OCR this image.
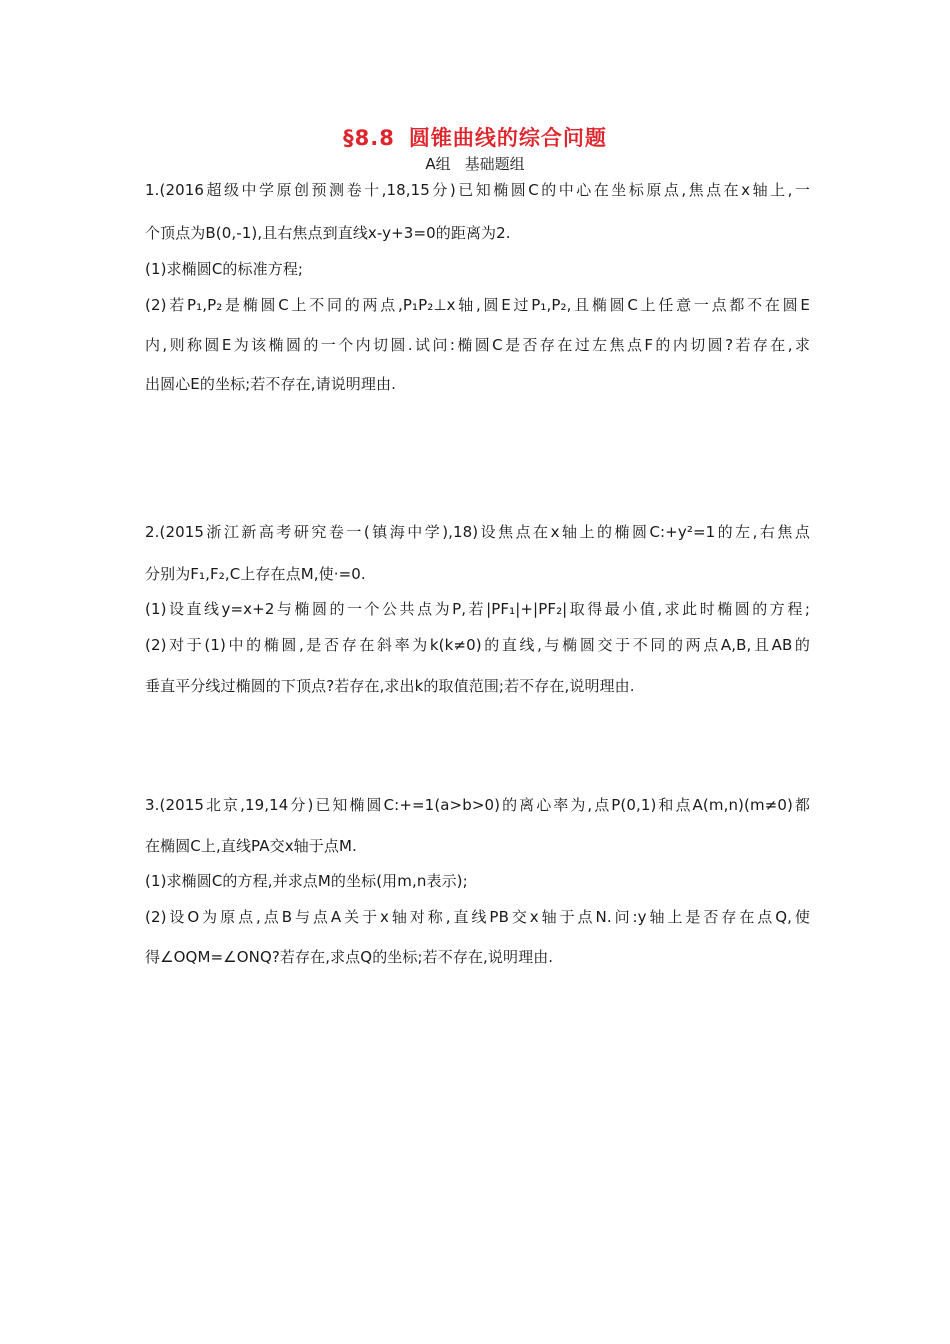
§8.8 圆锥曲线的综合问题
A组 基础题组
1.(2016超级中学原创预测卷十,18,15分)已知椭圆C的中心在坐标原点,焦点在x轴上,一
个顶点为B(0,-1),且右焦点到直线x-y+3=0的距离为2.
(1)求椭圆C的标准方程;
(2)若P₁,P₂是椭圆C上不同的两点,P₁P₂⊥x轴,圆E过P₁,P₂,且椭圆C上任意一点都不在圆E
内,则称圆E为该椭圆的一个内切圆.试问:椭圆C是否存在过左焦点F的内切圆?若存在,求
出圆心E的坐标;若不存在,请说明理由.
2.(2015浙江新高考研究卷一(镇海中学),18)设焦点在x轴上的椭圆C:+y²=1的左,右焦点
分别为F₁,F₂,C上存在点M,使·=0.
(1)设直线y=x+2与椭圆的一个公共点为P,若|PF₁|+|PF₂|取得最小值,求此时椭圆的方程;
(2)对于(1)中的椭圆,是否存在斜率为k(k≠0)的直线,与椭圆交于不同的两点A,B,且AB的
垂直平分线过椭圆的下顶点?若存在,求出k的取值范围;若不存在,说明理由.
3.(2015北京,19,14分)已知椭圆C:+=1(a>b>0)的离心率为,点P(0,1)和点A(m,n)(m≠0)都
在椭圆C上,直线PA交x轴于点M.
(1)求椭圆C的方程,并求点M的坐标(用m,n表示);
(2)设O为原点,点B与点A关于x轴对称,直线PB交x轴于点N.问:y轴上是否存在点Q,使
得∠OQM=∠ONQ?若存在,求点Q的坐标;若不存在,说明理由.
